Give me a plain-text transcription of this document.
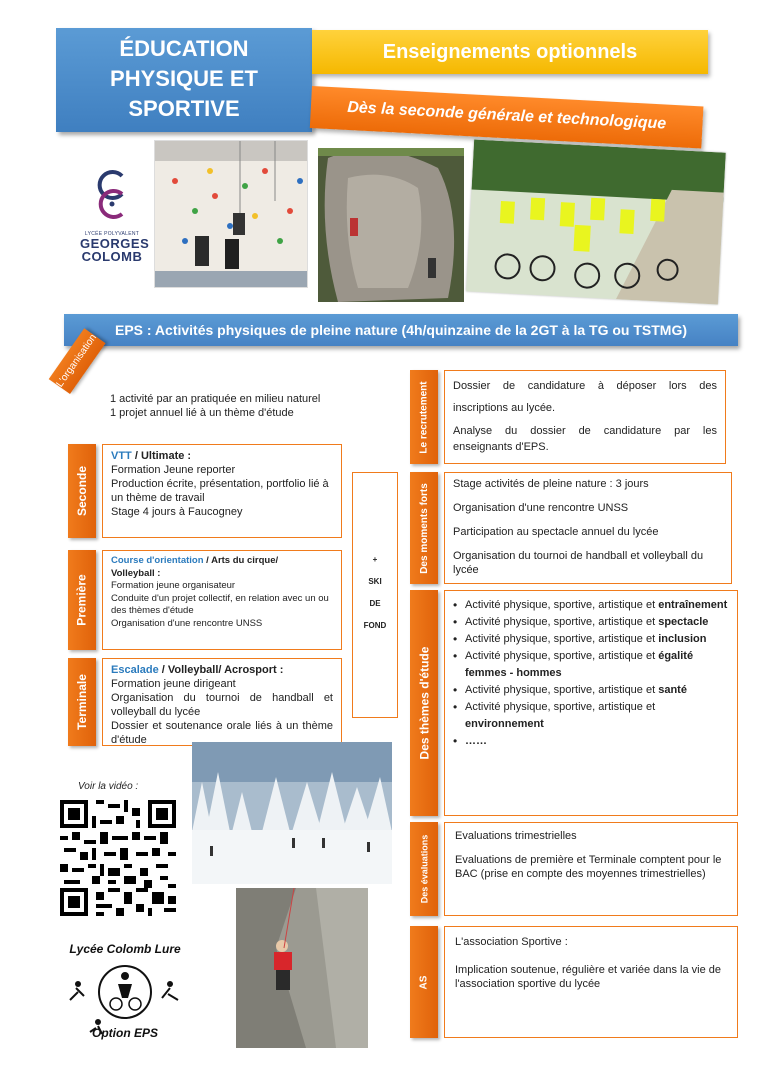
ÉDUCATION
PHYSIQUE ET
SPORTIVE
Enseignements optionnels
Dès la seconde générale et technologique
LYCÉE POLYVALENT
GEORGES
COLOMB
EPS : Activités physiques de pleine nature (4h/quinzaine de la 2GT à la TG ou TSTMG)
L'organisation

1 activité par an pratiquée en milieu naturel

1 projet annuel lié à un thème d'étude

Seconde

VTT / Ultimate :

Formation Jeune reporter

Production écrite, présentation, portfolio lié à un thème de travail

Stage 4 jours à Faucogney

Première

Course d'orientation / Arts du cirque/

Volleyball :

Formation jeune organisateur

Conduite d'un projet collectif, en relation avec un ou des thèmes d'étude

Organisation d'une rencontre UNSS

Terminale

Escalade / Volleyball/ Acrosport :

Formation jeune dirigeant

Organisation du tournoi de handball et volleyball du lycée

Dossier et soutenance orale liés à un thème d'étude

+
SKI
DE
FOND
Le recrutement Dossier de candidature à déposer lors des inscriptions au lycée.

Analyse du dossier de candidature par les enseignants d'EPS.

Des moments forts Stage activités de pleine nature : 3 jours

Organisation d'une rencontre UNSS

Participation au spectacle annuel du lycée

Organisation du tournoi de handball et volleyball du lycée

Des thèmes d'étude
• Activité physique, sportive, artistique et entraînement
• Activité physique, sportive, artistique et spectacle
• Activité physique, sportive, artistique et inclusion
• Activité physique, sportive, artistique et égalité femmes - hommes
• Activité physique, sportive, artistique et santé
• Activité physique, sportive, artistique et environnement
• ……
Des évaluations Evaluations trimestrielles

Evaluations de première et Terminale comptent pour le BAC (prise en compte des moyennes trimestrielles)

AS

L'association Sportive :

Implication soutenue, régulière et variée dans la vie de l'association sportive du lycée

Voir la vidéo :
Lycée Colomb Lure
Option EPS
